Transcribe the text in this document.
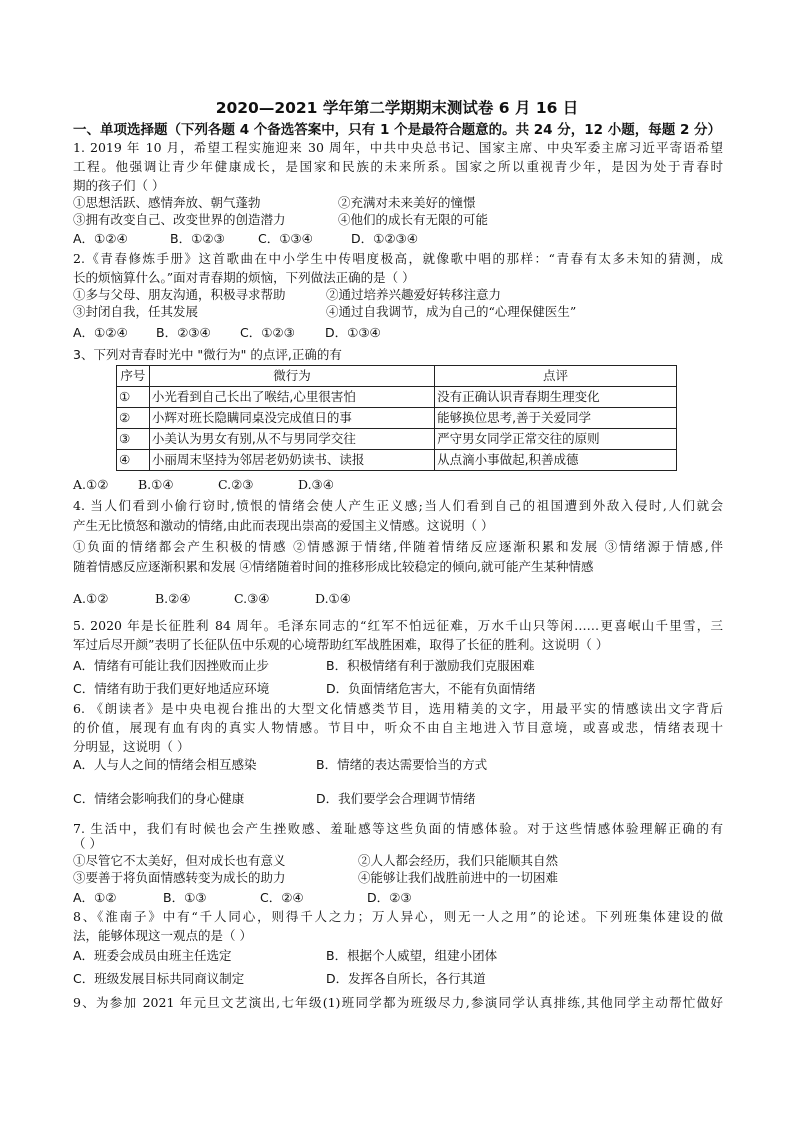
2020—2021 学年第二学期期末测试卷 6 月 16 日
一、单项选择题（下列各题 4 个备选答案中，只有 1 个是最符合题意的。共 24 分，12 小题，每题 2 分）
1. 2019 年 10 月，希望工程实施迎来 30 周年，中共中央总书记、国家主席、中央军委主席习近平寄语希望
工程。他强调让青少年健康成长，是国家和民族的未来所系。国家之所以重视青少年，是因为处于青春时
期的孩子们（ ）
①思想活跃、感情奔放、朝气蓬勃	②充满对未来美好的憧憬
③拥有改变自己、改变世界的创造潜力	④他们的成长有无限的可能
A．①②④	B．①②③	C．①③④	D．①②③④
2.《青春修炼手册》这首歌曲在中小学生中传唱度极高，就像歌中唱的那样：“青春有太多未知的猜测，成
长的烦恼算什么。”面对青春期的烦恼，下列做法正确的是（ ）
①多与父母、朋友沟通，积极寻求帮助	②通过培养兴趣爱好转移注意力
③封闭自我，任其发展	④通过自我调节，成为自己的“心理保健医生”
A．①②④ B．②③④ C．①②③ D．①③④
3、下列对青春时光中 "微行为" 的点评,正确的有
序号	微行为	点评
①	小光看到自己长出了喉结,心里很害怕	没有正确认识青春期生理变化
②	小辉对班长隐瞒同桌没完成值日的事	能够换位思考,善于关爱同学
③	小美认为男女有别,从不与男同学交往	严守男女同学正常交往的原则
④	小丽周末坚持为邻居老奶奶读书、读报	从点滴小事做起,积善成德
A.①② B.①④	C.②③	D.③④
4. 当人们看到小偷行窃时,愤恨的情绪会使人产生正义感;当人们看到自己的祖国遭到外敌入侵时,人们就会
产生无比愤怒和激动的情绪,由此而表现出崇高的爱国主义情感。这说明（ ）
①负面的情绪都会产生积极的情感 ②情感源于情绪,伴随着情绪反应逐渐积累和发展 ③情绪源于情感,伴
随着情感反应逐渐积累和发展 ④情绪随着时间的推移形成比较稳定的倾向,就可能产生某种情感
A.①②	B.②④	C.③④	D.①④
5. 2020 年是长征胜利 84 周年。毛泽东同志的“红军不怕远征难，万水千山只等闲……更喜岷山千里雪，三
军过后尽开颜”表明了长征队伍中乐观的心境帮助红军战胜困难，取得了长征的胜利。这说明（ ）
A．情绪有可能让我们因挫败而止步	B．积极情绪有利于激励我们克服困难
C．情绪有助于我们更好地适应环境	D．负面情绪危害大，不能有负面情绪
6. 《朗读者》是中央电视台推出的大型文化情感类节目，选用精美的文字，用最平实的情感读出文字背后
的价值，展现有血有肉的真实人物情感。节目中，听众不由自主地进入节目意境，或喜或悲，情绪表现十
分明显，这说明（ ）
A．人与人之间的情绪会相互感染	B．情绪的表达需要恰当的方式
C．情绪会影响我们的身心健康	D．我们要学会合理调节情绪
7. 生活中，我们有时候也会产生挫败感、羞耻感等这些负面的情感体验。对于这些情感体验理解正确的有
（ ）
①尽管它不太美好，但对成长也有意义	②人人都会经历，我们只能顺其自然
③要善于将负面情感转变为成长的助力	④能够让我们战胜前进中的一切困难
A．①②	B．①③	C．②④	D．②③
8、《淮南子》中有“千人同心，则得千人之力；万人异心，则无一人之用”的论述。下列班集体建设的做
法，能够体现这一观点的是（ ）
A．班委会成员由班主任选定	B．根据个人威望，组建小团体
C．班级发展目标共同商议制定	D．发挥各自所长，各行其道
9、为参加 2021 年元旦文艺演出,七年级(1)班同学都为班级尽力,参演同学认真排练,其他同学主动帮忙做好
